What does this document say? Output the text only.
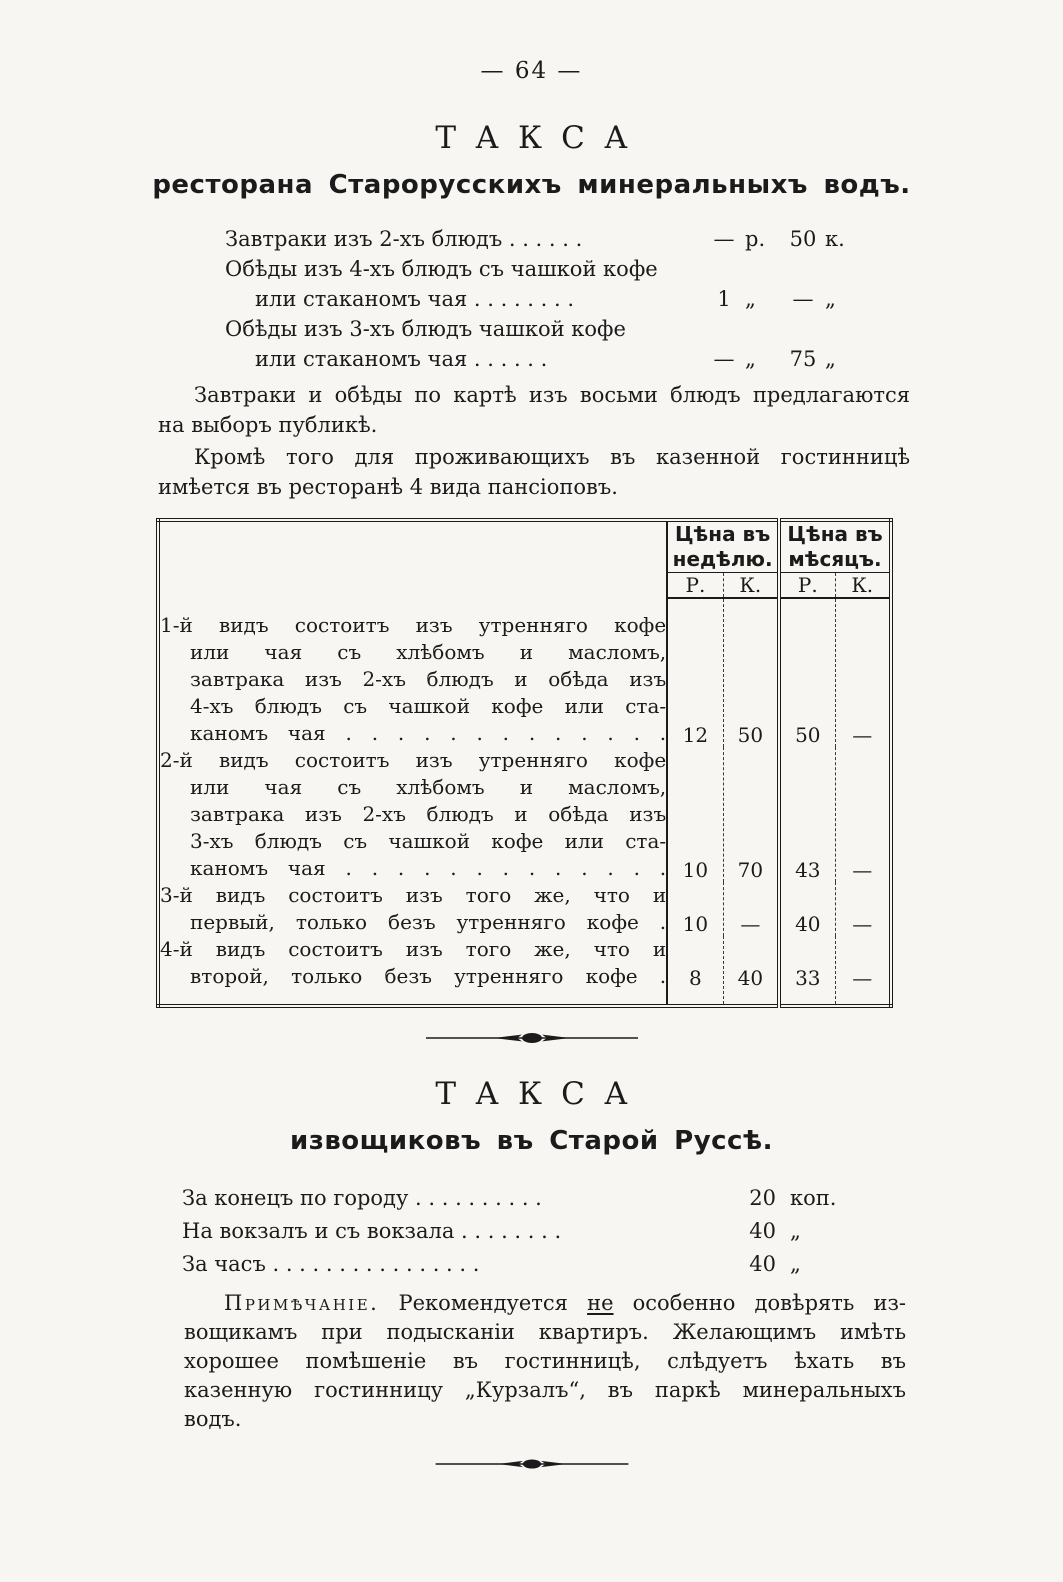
— 64 —
ТАКСА
ресторана Старорусскихъ минеральныхъ водъ.
Завтраки изъ 2-хъ блюдъ . . . . . .	— р.	50 к.
Обѣды изъ 4-хъ блюдъ съ чашкой кофе
или стаканомъ чая . . . . . . . .	1 „	— „
Обѣды изъ 3-хъ блюдъ чашкой кофе
или стаканомъ чая . . . . . .	— „	75 „
Завтраки и обѣды по картѣ изъ восьми блюдъ предлагаются
на выборъ публикѣ.
Кромѣ того для проживающихъ въ казенной гостинницѣ
имѣется въ ресторанѣ 4 вида пансіоповъ.
	Цѣна въ недѣлю.		Цѣна въ мѣсяцъ.	
	Р.	К.	Р.	К.

1-й видъ состоитъ изъ утренняго кофе
или чая съ хлѣбомъ и масломъ,
завтрака изъ 2-хъ блюдъ и обѣда изъ
4-хъ блюдъ съ чашкой кофе или ста-
каномъ чая . . . . . . . . . . . . .	12	50	50	—

2-й видъ состоитъ изъ утренняго кофе
или чая съ хлѣбомъ и масломъ,
завтрака изъ 2-хъ блюдъ и обѣда изъ
3-хъ блюдъ съ чашкой кофе или ста-
каномъ чая . . . . . . . . . . . . .	10	70	43	—

3-й видъ состоитъ изъ того же, что и
первый, только безъ утренняго кофе .	10	—	40	—

4-й видъ состоитъ изъ того же, что и
второй, только безъ утренняго кофе .	8	40	33	—
ТАКСА
извощиковъ въ Старой Руссѣ.
За конецъ по городу . . . . . . . . . .	20 коп.
На вокзалъ и съ вокзала . . . . . . . .	40 „
За часъ . . . . . . . . . . . . . . . .	40 „
Примѣчаніе. Рекомендуется не особенно довѣрять из-
вощикамъ при подысканіи квартиръ. Желающимъ имѣть
хорошее помѣшеніе въ гостинницѣ, слѣдуетъ ѣхать въ
казенную гостинницу „Курзалъ“, въ паркѣ минеральныхъ
водъ.
